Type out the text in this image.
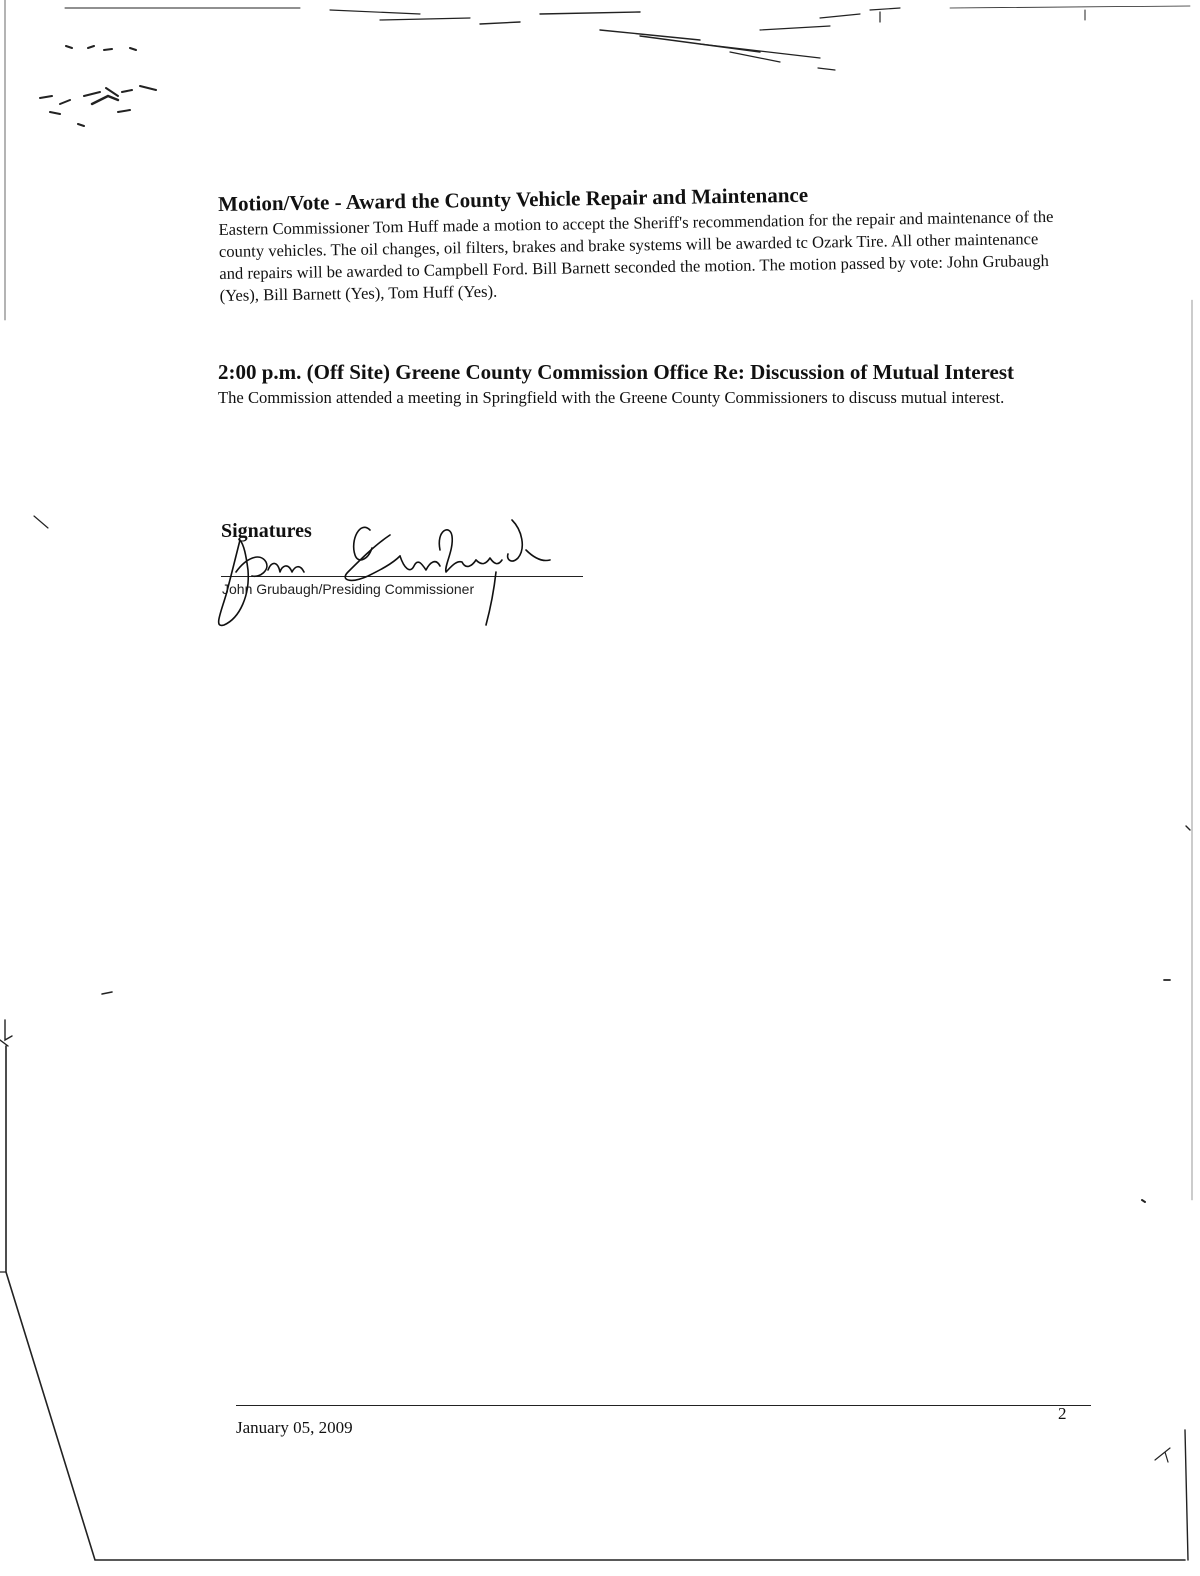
Motion/Vote - Award the County Vehicle Repair and Maintenance

Eastern Commissioner Tom Huff made a motion to accept the Sheriff's recommendation for the repair and maintenance of the county vehicles. The oil changes, oil filters, brakes and brake systems will be awarded tc Ozark Tire. All other maintenance and repairs will be awarded to Campbell Ford. Bill Barnett seconded the motion. The motion passed by vote: John Grubaugh (Yes), Bill Barnett (Yes), Tom Huff (Yes).

2:00 p.m. (Off Site) Greene County Commission Office Re: Discussion of Mutual Interest

The Commission attended a meeting in Springfield with the Greene County Commissioners to discuss mutual interest.

Signatures
John Grubaugh/Presiding Commissioner
January 05, 2009
2
